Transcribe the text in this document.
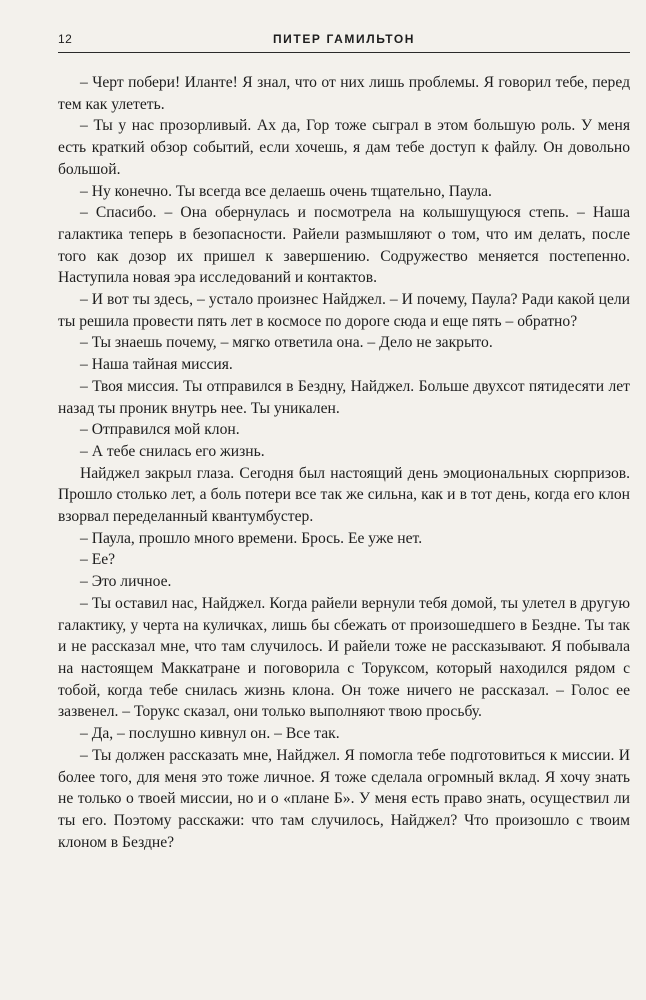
12	ПИТЕР ГАМИЛЬТОН

– Черт побери! Иланте! Я знал, что от них лишь проблемы. Я говорил тебе, перед тем как улететь.

– Ты у нас прозорливый. Ах да, Гор тоже сыграл в этом большую роль. У меня есть краткий обзор событий, если хочешь, я дам тебе доступ к файлу. Он довольно большой.

– Ну конечно. Ты всегда все делаешь очень тщательно, Паула.

– Спасибо. – Она обернулась и посмотрела на колышущуюся степь. – Наша галактика теперь в безопасности. Райели размышляют о том, что им делать, после того как дозор их пришел к завершению. Содружество меняется постепенно. Наступила новая эра исследований и контактов.

– И вот ты здесь, – устало произнес Найджел. – И почему, Паула? Ради какой цели ты решила провести пять лет в космосе по дороге сюда и еще пять – обратно?

– Ты знаешь почему, – мягко ответила она. – Дело не закрыто.

– Наша тайная миссия.

– Твоя миссия. Ты отправился в Бездну, Найджел. Больше двухсот пятидесяти лет назад ты проник внутрь нее. Ты уникален.

– Отправился мой клон.

– А тебе снилась его жизнь.

Найджел закрыл глаза. Сегодня был настоящий день эмоциональных сюрпризов. Прошло столько лет, а боль потери все так же сильна, как и в тот день, когда его клон взорвал переделанный квантумбустер.

– Паула, прошло много времени. Брось. Ее уже нет.

– Ее?

– Это личное.

– Ты оставил нас, Найджел. Когда райели вернули тебя домой, ты улетел в другую галактику, у черта на куличках, лишь бы сбежать от произошедшего в Бездне. Ты так и не рассказал мне, что там случилось. И райели тоже не рассказывают. Я побывала на настоящем Маккатране и поговорила с Торуксом, который находился рядом с тобой, когда тебе снилась жизнь клона. Он тоже ничего не рассказал. – Голос ее зазвенел. – Торукс сказал, они только выполняют твою просьбу.

– Да, – послушно кивнул он. – Все так.

– Ты должен рассказать мне, Найджел. Я помогла тебе подготовиться к миссии. И более того, для меня это тоже личное. Я тоже сделала огромный вклад. Я хочу знать не только о твоей миссии, но и о «плане Б». У меня есть право знать, осуществил ли ты его. Поэтому расскажи: что там случилось, Найджел? Что произошло с твоим клоном в Бездне?
